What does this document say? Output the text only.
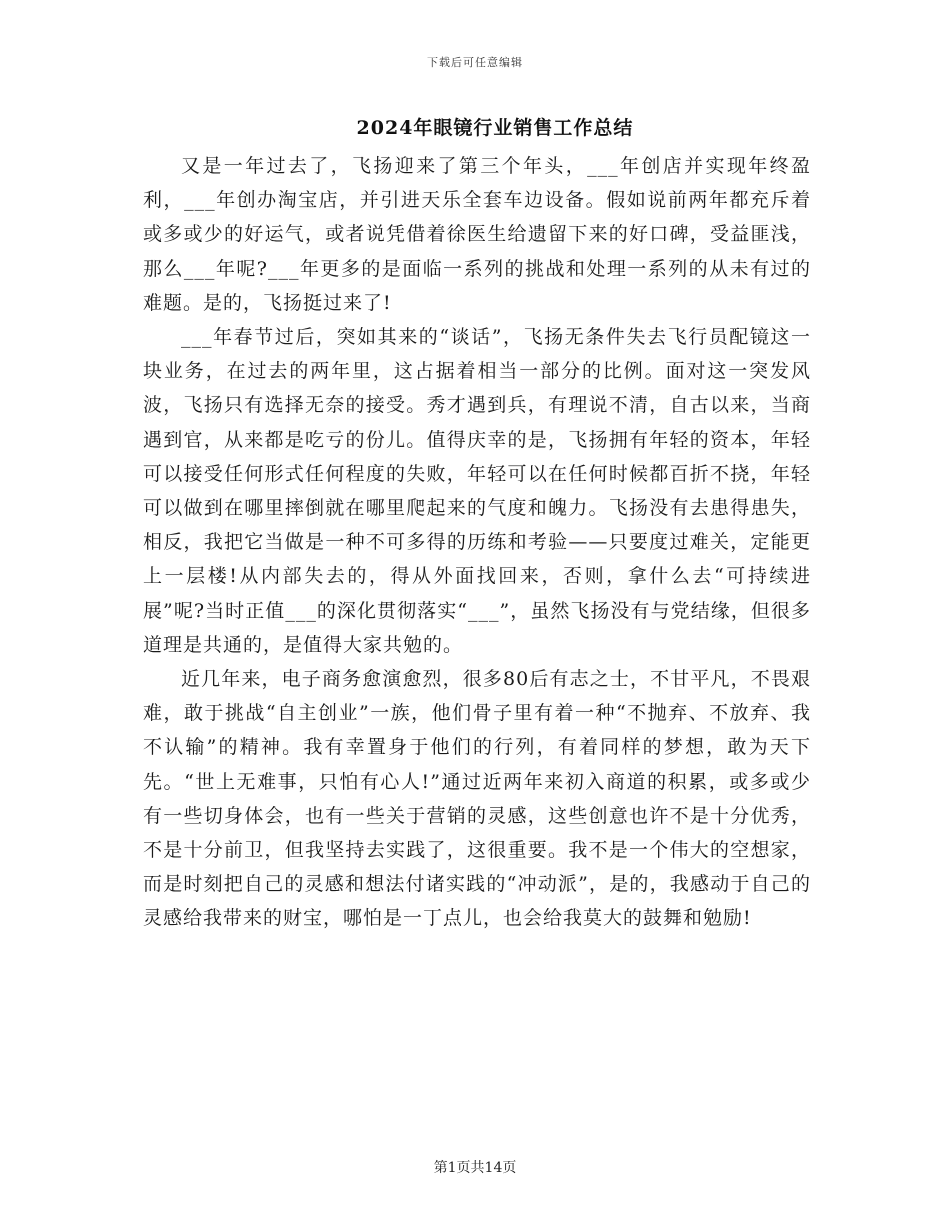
下载后可任意编辑
2024年眼镜行业销售工作总结

又是一年过去了，飞扬迎来了第三个年头，___年创店并实现年终盈利，___年创办淘宝店，并引进天乐全套车边设备。假如说前两年都充斥着或多或少的好运气，或者说凭借着徐医生给遗留下来的好口碑，受益匪浅，那么___年呢?___年更多的是面临一系列的挑战和处理一系列的从未有过的难题。是的，飞扬挺过来了!

___年春节过后，突如其来的“谈话”，飞扬无条件失去飞行员配镜这一块业务，在过去的两年里，这占据着相当一部分的比例。面对这一突发风波，飞扬只有选择无奈的接受。秀才遇到兵，有理说不清，自古以来，当商遇到官，从来都是吃亏的份儿。值得庆幸的是，飞扬拥有年轻的资本，年轻可以接受任何形式任何程度的失败，年轻可以在任何时候都百折不挠，年轻可以做到在哪里摔倒就在哪里爬起来的气度和魄力。飞扬没有去患得患失，相反，我把它当做是一种不可多得的历练和考验——只要度过难关，定能更上一层楼!从内部失去的，得从外面找回来，否则，拿什么去“可持续进展”呢?当时正值___的深化贯彻落实“___”，虽然飞扬没有与党结缘，但很多道理是共通的，是值得大家共勉的。

近几年来，电子商务愈演愈烈，很多80后有志之士，不甘平凡，不畏艰难，敢于挑战“自主创业”一族，他们骨子里有着一种“不抛弃、不放弃、我不认输”的精神。我有幸置身于他们的行列，有着同样的梦想，敢为天下先。“世上无难事，只怕有心人!”通过近两年来初入商道的积累，或多或少有一些切身体会，也有一些关于营销的灵感，这些创意也许不是十分优秀，不是十分前卫，但我坚持去实践了，这很重要。我不是一个伟大的空想家，而是时刻把自己的灵感和想法付诸实践的“冲动派”，是的，我感动于自己的灵感给我带来的财宝，哪怕是一丁点儿，也会给我莫大的鼓舞和勉励!

第1页共14页
